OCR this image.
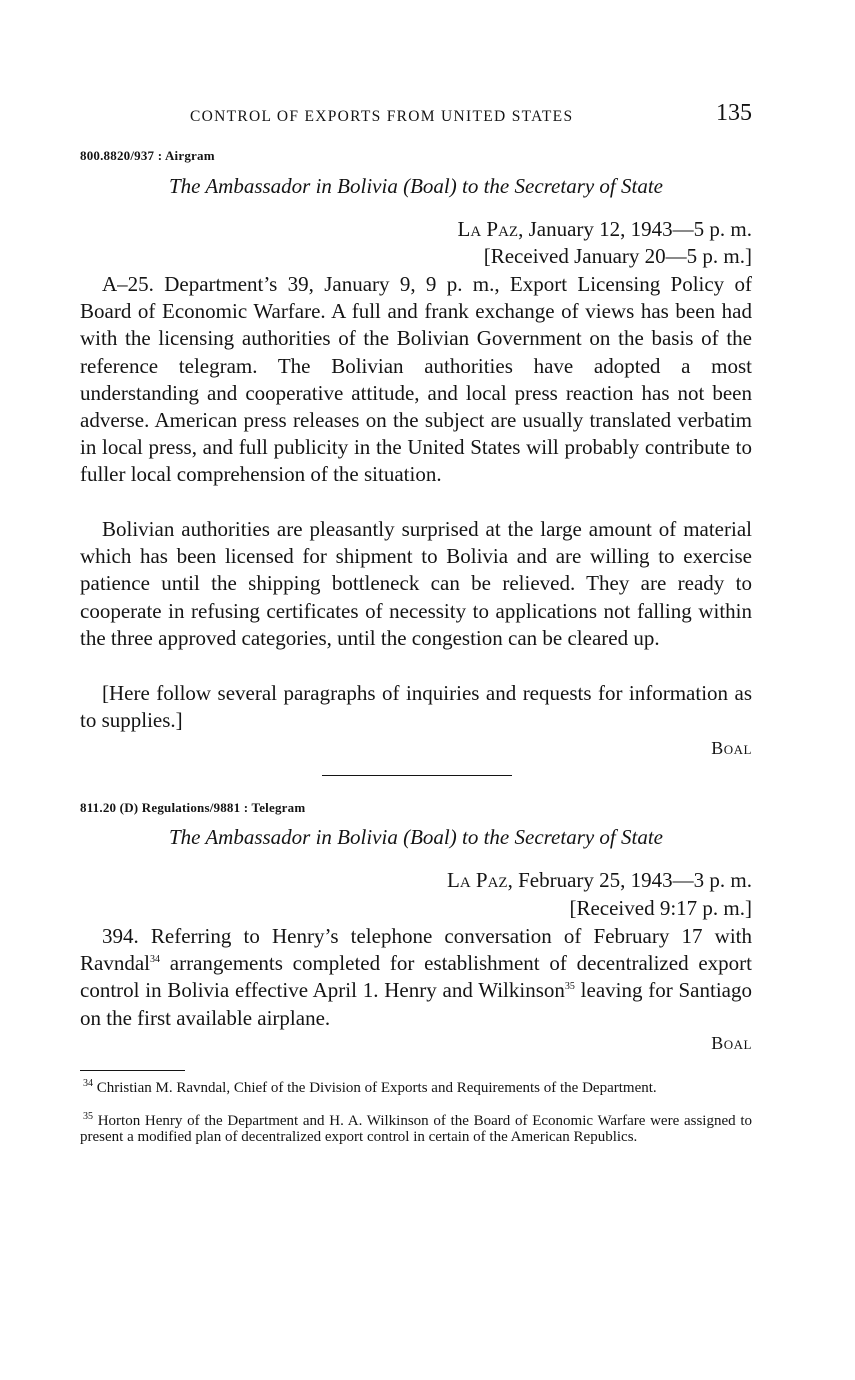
CONTROL OF EXPORTS FROM UNITED STATES	135
800.8820/937 : Airgram
The Ambassador in Bolivia (Boal) to the Secretary of State
La Paz, January 12, 1943—5 p. m.
[Received January 20—5 p. m.]

A–25. Department’s 39, January 9, 9 p. m., Export Licensing Policy of Board of Economic Warfare. A full and frank exchange of views has been had with the licensing authorities of the Bolivian Government on the basis of the reference telegram. The Bolivian authorities have adopted a most understanding and cooperative attitude, and local press reaction has not been adverse. American press releases on the subject are usually translated verbatim in local press, and full publicity in the United States will probably contribute to fuller local comprehension of the situation.

Bolivian authorities are pleasantly surprised at the large amount of material which has been licensed for shipment to Bolivia and are willing to exercise patience until the shipping bottleneck can be relieved. They are ready to cooperate in refusing certificates of necessity to applications not falling within the three approved categories, until the congestion can be cleared up.

[Here follow several paragraphs of inquiries and requests for information as to supplies.]

Boal
811.20 (D) Regulations/9881 : Telegram
The Ambassador in Bolivia (Boal) to the Secretary of State
La Paz, February 25, 1943—3 p. m.
[Received 9:17 p. m.]

394. Referring to Henry’s telephone conversation of February 17 with Ravndal$^{34}$ arrangements completed for establishment of decentralized export control in Bolivia effective April 1. Henry and Wilkinson$^{35}$ leaving for Santiago on the first available airplane.

Boal

$^{34}$ Christian M. Ravndal, Chief of the Division of Exports and Requirements of the Department.

$^{35}$ Horton Henry of the Department and H. A. Wilkinson of the Board of Economic Warfare were assigned to present a modified plan of decentralized export control in certain of the American Republics.
